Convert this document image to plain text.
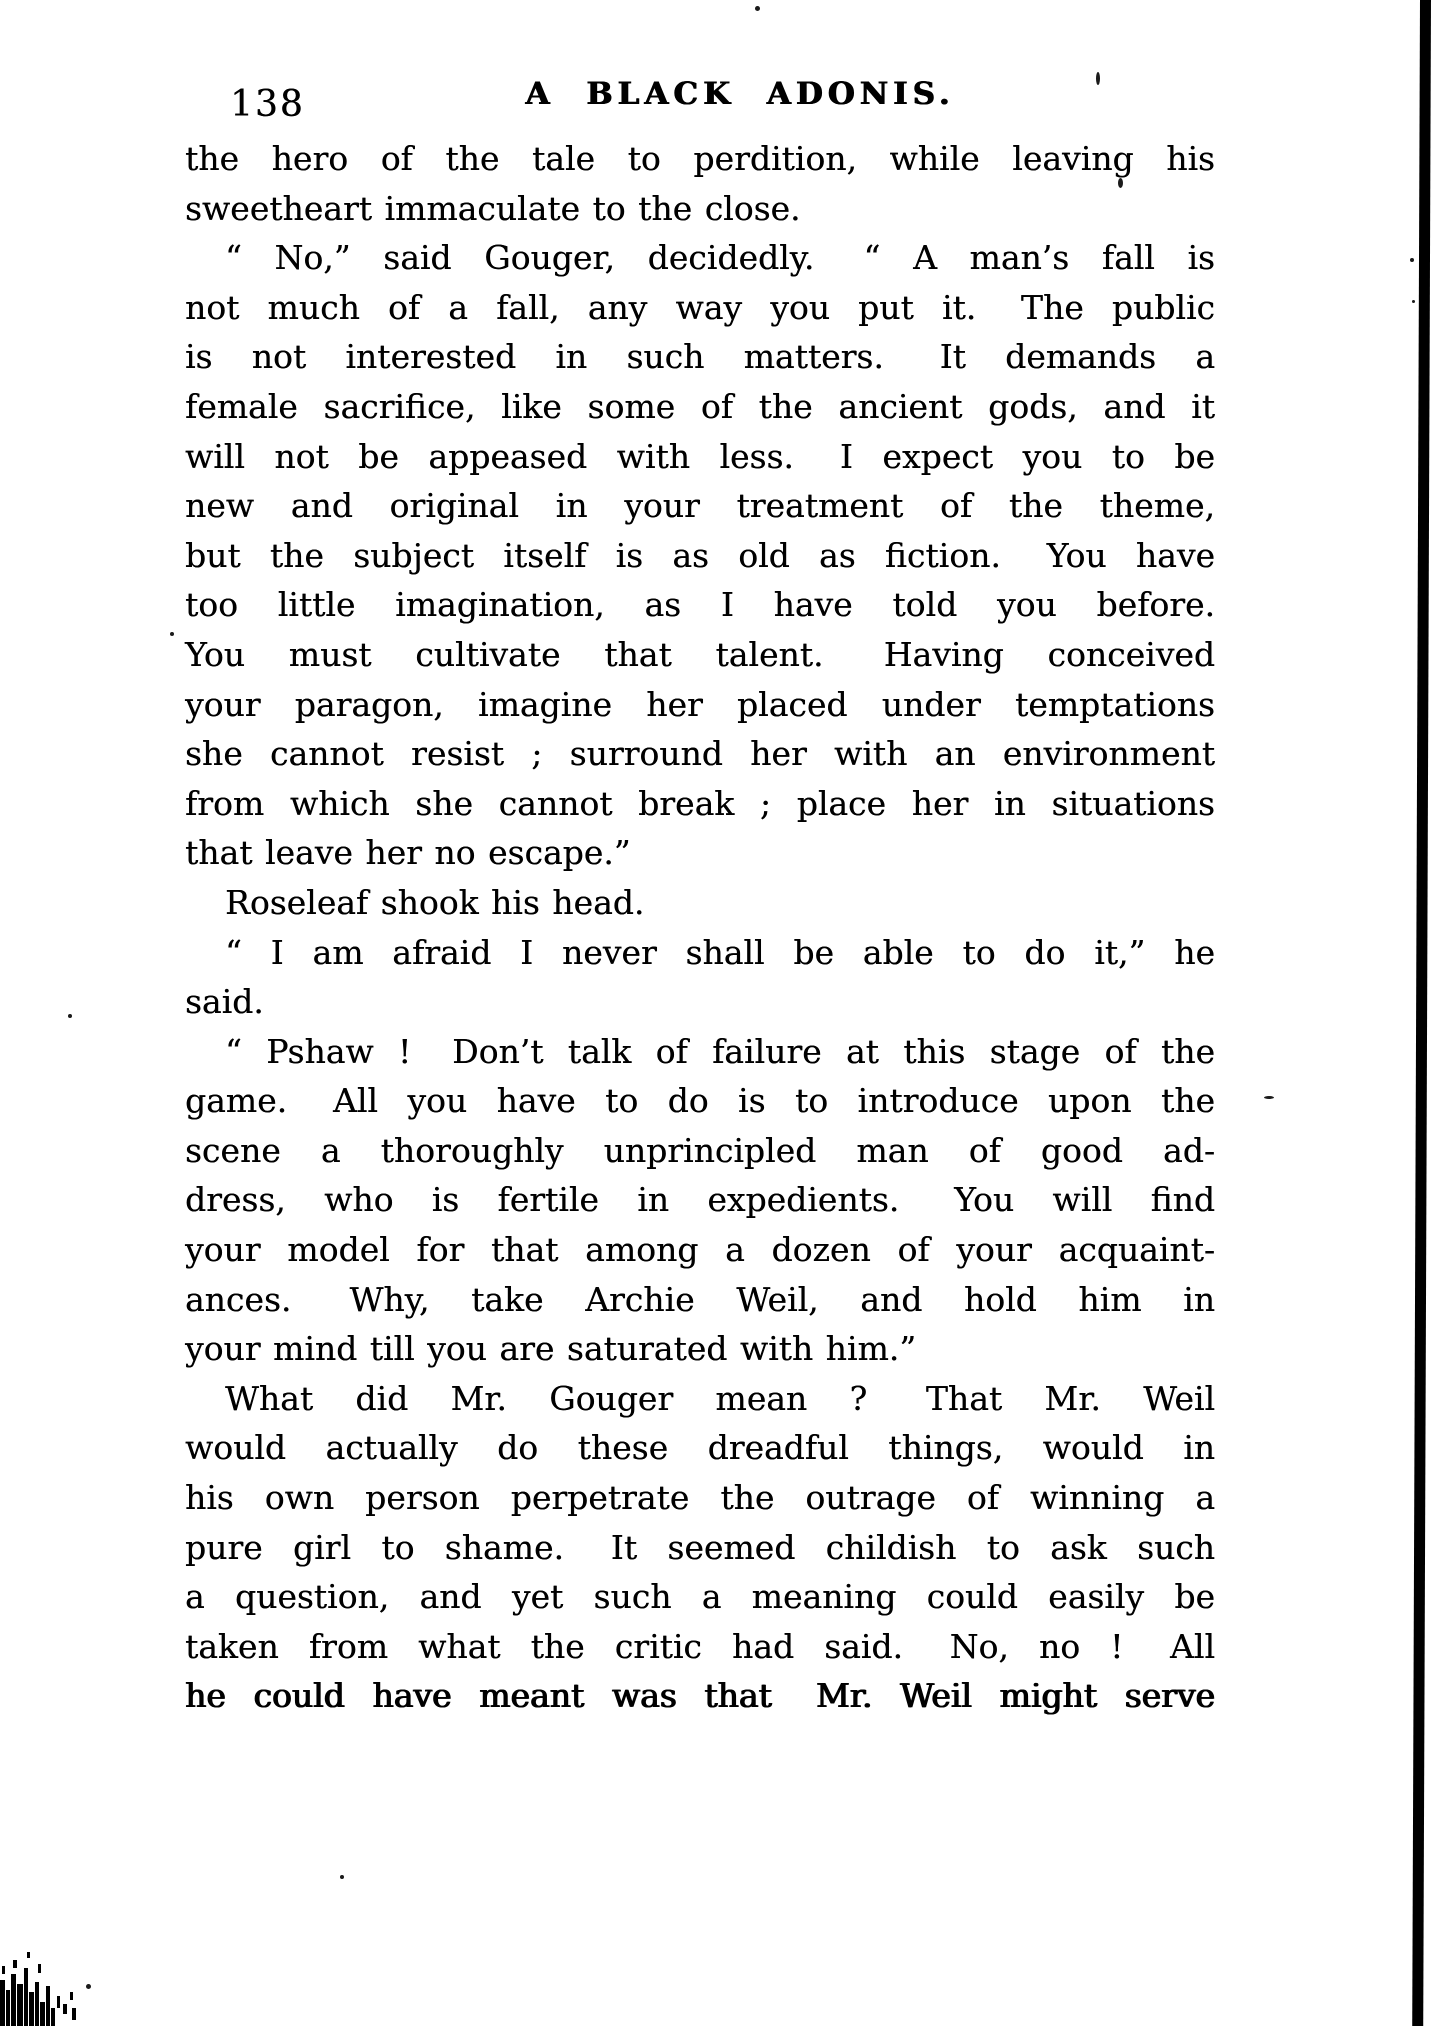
138	A BLACK ADONIS.
the hero of the tale to perdition, while leaving his
sweetheart immaculate to the close.
“ No,” said Gouger, decidedly.  “ A man’s fall is
not much of a fall, any way you put it.  The public
is not interested in such matters.  It demands a
female sacrifice, like some of the ancient gods, and it
will not be appeased with less.  I expect you to be
new and original in your treatment of the theme,
but the subject itself is as old as fiction.  You have
too little imagination, as I have told you before.
You must cultivate that talent.  Having conceived
your paragon, imagine her placed under temptations
she cannot resist ; surround her with an environment
from which she cannot break ; place her in situations
that leave her no escape.”
Roseleaf shook his head.
“ I am afraid I never shall be able to do it,” he
said.
“ Pshaw !  Don’t talk of failure at this stage of the
game.  All you have to do is to introduce upon the
scene a thoroughly unprincipled man of good ad-
dress, who is fertile in expedients.  You will find
your model for that among a dozen of your acquaint-
ances.  Why, take Archie Weil, and hold him in
your mind till you are saturated with him.”
What did Mr. Gouger mean ?  That Mr. Weil
would actually do these dreadful things, would in
his own person perpetrate the outrage of winning a
pure girl to shame.  It seemed childish to ask such
a question, and yet such a meaning could easily be
taken from what the critic had said.  No, no !  All
he could have meant was that  Mr. Weil might serve
